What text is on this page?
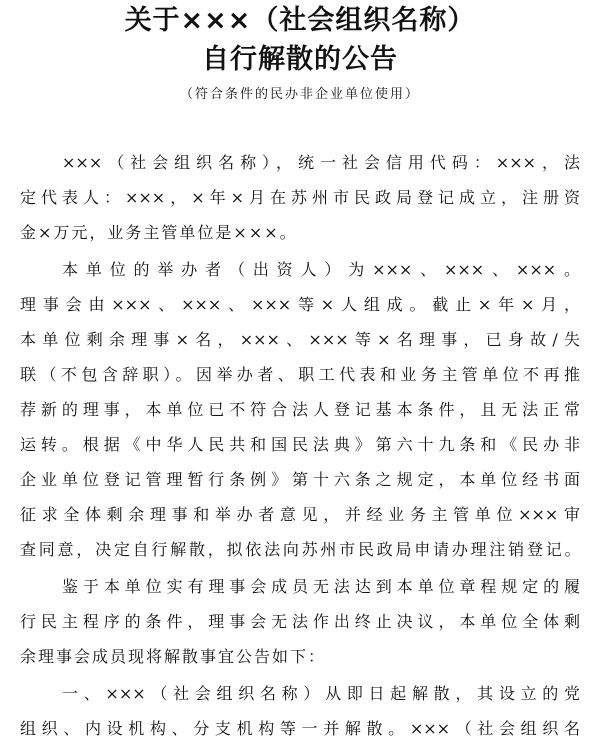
关于×××（社会组织名称）
自行解散的公告
（符合条件的民办非企业单位使用）
×××（社会组织名称），统一社会信用代码：×××，法
定代表人：×××，×年×月在苏州市民政局登记成立，注册资
金×万元，业务主管单位是×××。
本单位的举办者（出资人）为×××、×××、×××。
理事会由×××、×××、×××等×人组成。截止×年×月，
本单位剩余理事×名，×××、×××等×名理事，已身故/失
联（不包含辞职）。因举办者、职工代表和业务主管单位不再推
荐新的理事，本单位已不符合法人登记基本条件，且无法正常
运转。根据《中华人民共和国民法典》第六十九条和《民办非
企业单位登记管理暂行条例》第十六条之规定，本单位经书面
征求全体剩余理事和举办者意见，并经业务主管单位×××审
查同意，决定自行解散，拟依法向苏州市民政局申请办理注销登记。
鉴于本单位实有理事会成员无法达到本单位章程规定的履
行民主程序的条件，理事会无法作出终止决议，本单位全体剩
余理事会成员现将解散事宜公告如下：
一、×××（社会组织名称）从即日起解散，其设立的党
组织、内设机构、分支机构等一并解散。×××（社会组织名
